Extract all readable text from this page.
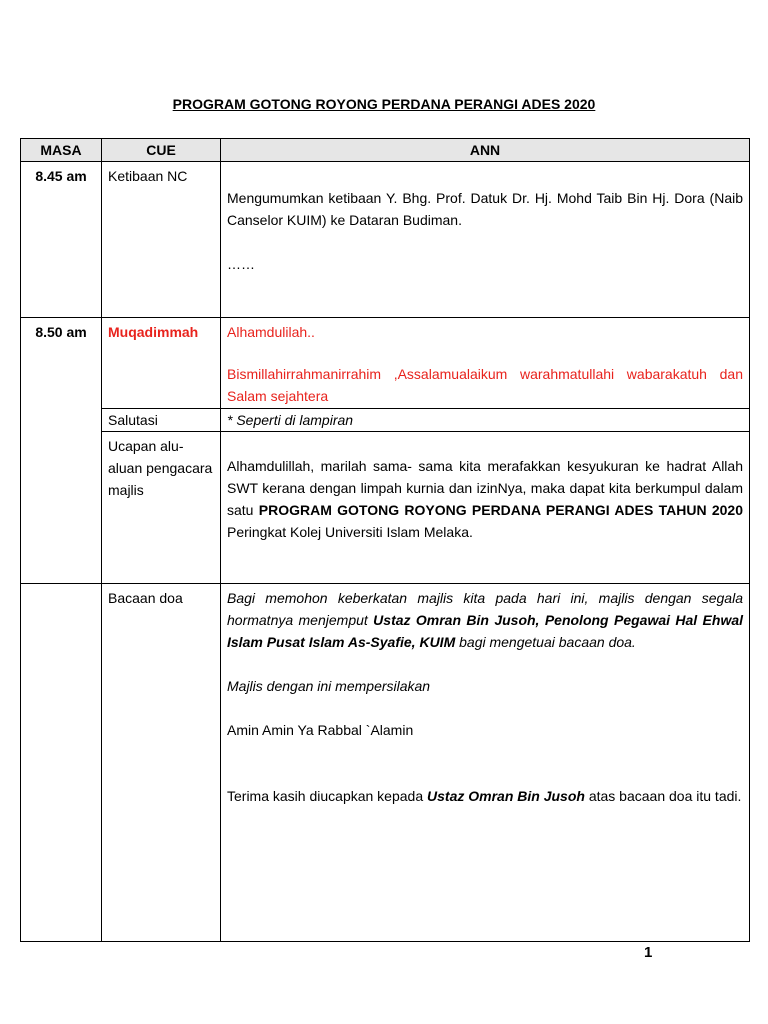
PROGRAM GOTONG ROYONG PERDANA PERANGI ADES 2020
MASA	CUE	ANN
8.45 am	Ketibaan NC	Mengumumkan ketibaan Y. Bhg. Prof. Datuk Dr. Hj. Mohd Taib Bin Hj. Dora (Naib Canselor KUIM) ke Dataran Budiman.

……

8.50 am	Muqadimmah	Alhamdulilah..

Bismillahirrahmanirrahim ,Assalamualaikum warahmatullahi wabarakatuh dan Salam sejahtera

	Salutasi	* Seperti di lampiran
	Ucapan alu-aluan pengacara majlis	Alhamdulillah, marilah sama- sama kita merafakkan kesyukuran ke hadrat Allah SWT kerana dengan limpah kurnia dan izinNya, maka dapat kita berkumpul dalam satu PROGRAM GOTONG ROYONG PERDANA PERANGI ADES TAHUN 2020 Peringkat Kolej Universiti Islam Melaka.

	Bacaan doa	Bagi memohon keberkatan majlis kita pada hari ini, majlis dengan segala hormatnya menjemput Ustaz Omran Bin Jusoh, Penolong Pegawai Hal Ehwal Islam Pusat Islam As-Syafie, KUIM bagi mengetuai bacaan doa.

Majlis dengan ini mempersilakan

Amin Amin Ya Rabbal `Alamin

Terima kasih diucapkan kepada Ustaz Omran Bin Jusoh atas bacaan doa itu tadi.

1
